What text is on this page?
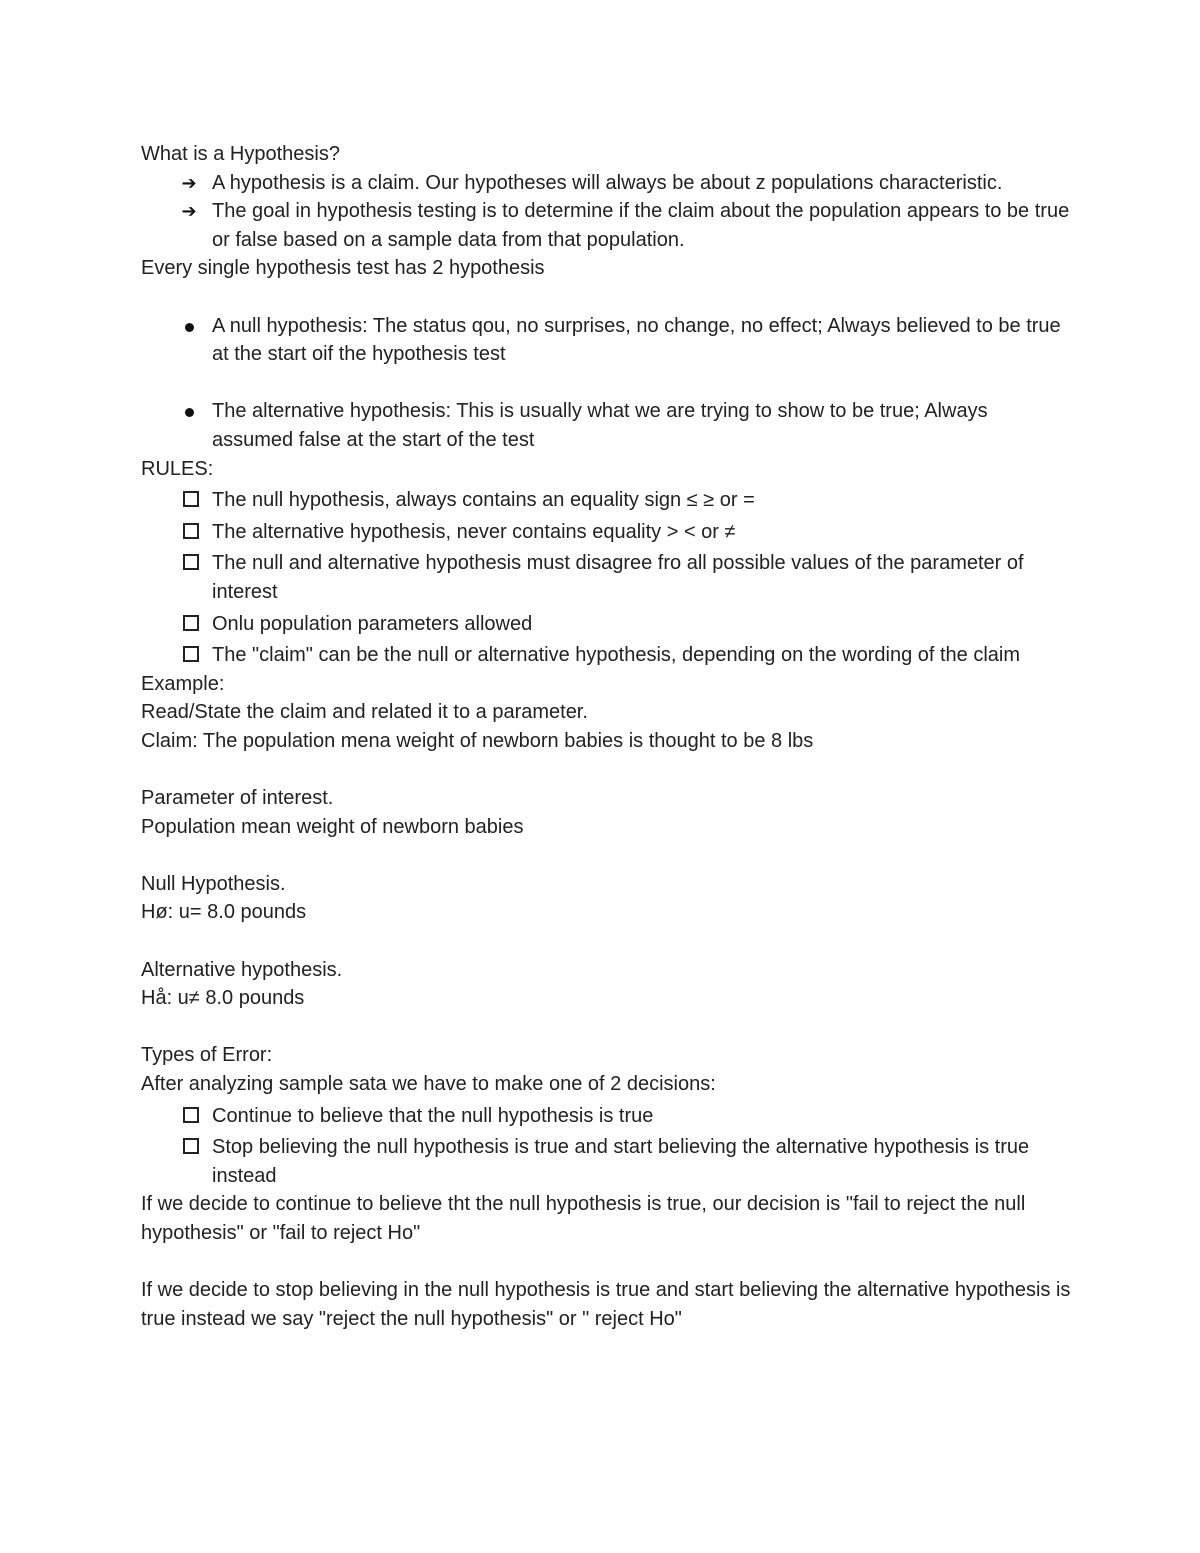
What is a Hypothesis?

➔ A hypothesis is a claim. Our hypotheses will always be about z populations characteristic.
➔ The goal in hypothesis testing is to determine if the claim about the population appears to be true or false based on a sample data from that population.

Every single hypothesis test has 2 hypothesis

A null hypothesis: The status qou, no surprises, no change, no effect; Always believed to be true at the start oif the hypothesis test
The alternative hypothesis: This is usually what we are trying to show to be true; Always assumed false at the start of the test

RULES:

The null hypothesis, always contains an equality sign ≤ ≥ or =
The alternative hypothesis, never contains equality > < or ≠
The null and alternative hypothesis must disagree fro all possible values of the parameter of interest
Onlu population parameters allowed
The "claim" can be the null or alternative hypothesis, depending on the wording of the claim

Example:

Read/State the claim and related it to a parameter.

Claim: The population mena weight of newborn babies is thought to be 8 lbs

Parameter of interest.

Population mean weight of newborn babies

Null Hypothesis.

Hø: u= 8.0 pounds

Alternative hypothesis.

Hå: u≠ 8.0 pounds

Types of Error:

After analyzing sample sata we have to make one of 2 decisions:

Continue to believe that the null hypothesis is true
Stop believing the null hypothesis is true and start believing the alternative hypothesis is true instead

If we decide to continue to believe tht the null hypothesis is true, our decision is "fail to reject the null hypothesis" or "fail to reject Ho"

If we decide to stop believing in the null hypothesis is true and start believing the alternative hypothesis is true instead we say "reject the null hypothesis" or " reject Ho"
